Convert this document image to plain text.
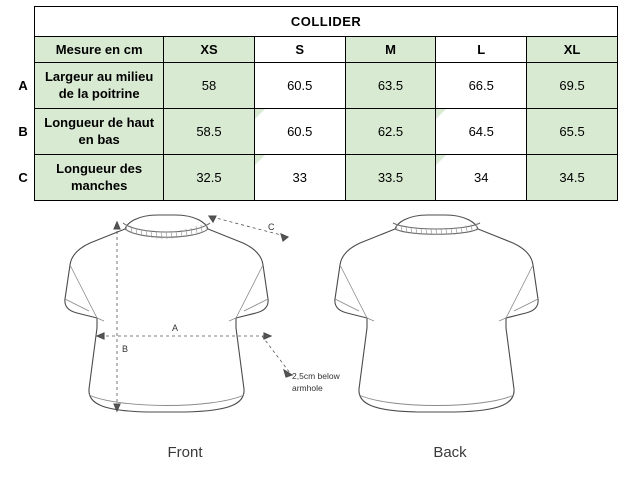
	COLLIDER					
	Mesure en cm	XS	S	M	L	XL
A	Largeur au milieu
de la poitrine	58	60.5	63.5	66.5	69.5
B	Longueur de haut
en bas	58.5	60.5	62.5	64.5	65.5
C	Longueur des
manches	32.5	33	33.5	34	34.5
B
A
C
2,5cm below
armhole
Front	Back
